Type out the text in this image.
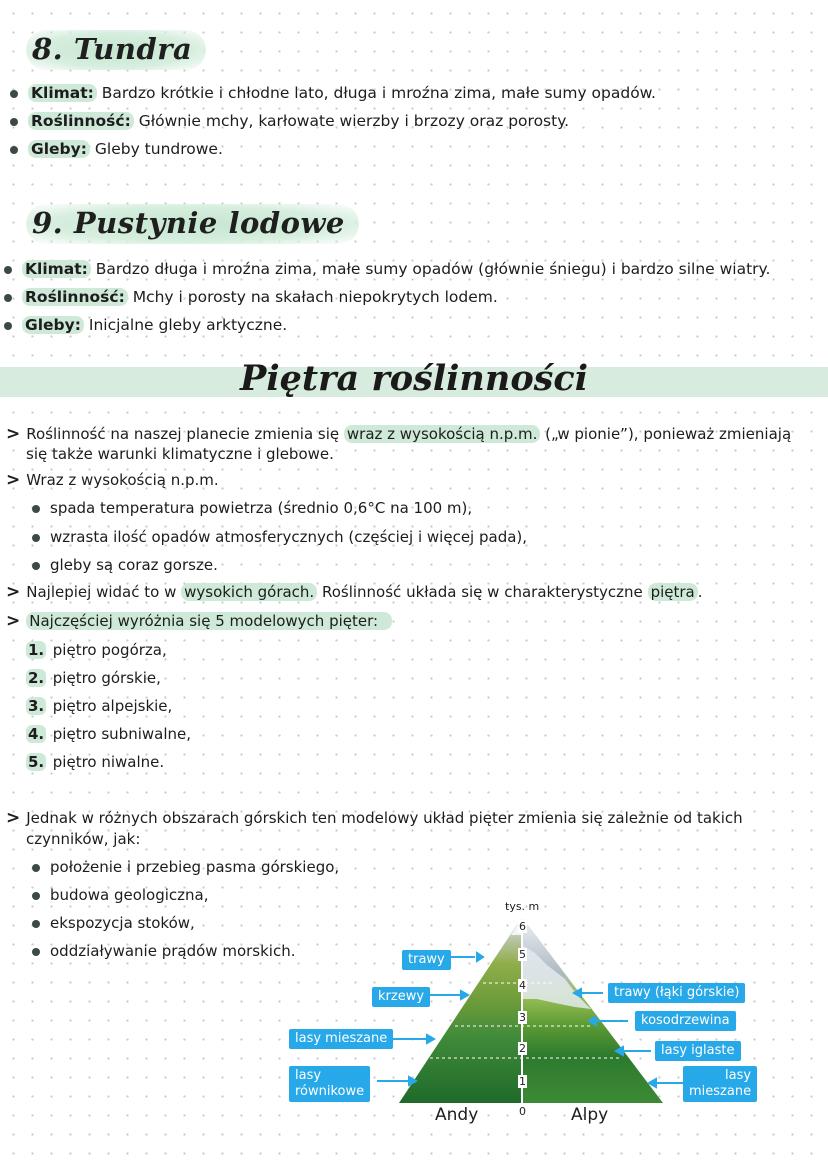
8. Tundra
Klimat: Bardzo krótkie i chłodne lato, długa i mroźna zima, małe sumy opadów.
Roślinność: Głównie mchy, karłowate wierzby i brzozy oraz porosty.
Gleby: Gleby tundrowe.
9. Pustynie lodowe
Klimat: Bardzo długa i mroźna zima, małe sumy opadów (głównie śniegu) i bardzo silne wiatry.
Roślinność: Mchy i porosty na skałach niepokrytych lodem.
Gleby: Inicjalne gleby arktyczne.
Piętra roślinności
> Roślinność na naszej planecie zmienia się wraz z wysokością n.p.m. („w pionie”), ponieważ zmieniają
się także warunki klimatyczne i glebowe.
> Wraz z wysokością n.p.m.
spada temperatura powietrza (średnio 0,6°C na 100 m),
wzrasta ilość opadów atmosferycznych (częściej i więcej pada),
gleby są coraz gorsze.
> Najlepiej widać to w wysokich górach. Roślinność układa się w charakterystyczne piętra .
> Najczęściej wyróżnia się 5 modelowych pięter:
1. piętro pogórza,
2. piętro górskie,
3. piętro alpejskie,
4. piętro subniwalne,
5. piętro niwalne.
> Jednak w różnych obszarach górskich ten modelowy układ pięter zmienia się zależnie od takich
czynników, jak:
położenie i przebieg pasma górskiego,
budowa geologiczna,
ekspozycja stoków,
oddziaływanie prądów morskich.
tys. m
6
5
4
3
2
1
0
Andy	Alpy
trawy
krzewy
lasy mieszane
lasy
równikowe
trawy (łąki górskie)
kosodrzewina
lasy iglaste
lasy
mieszane
